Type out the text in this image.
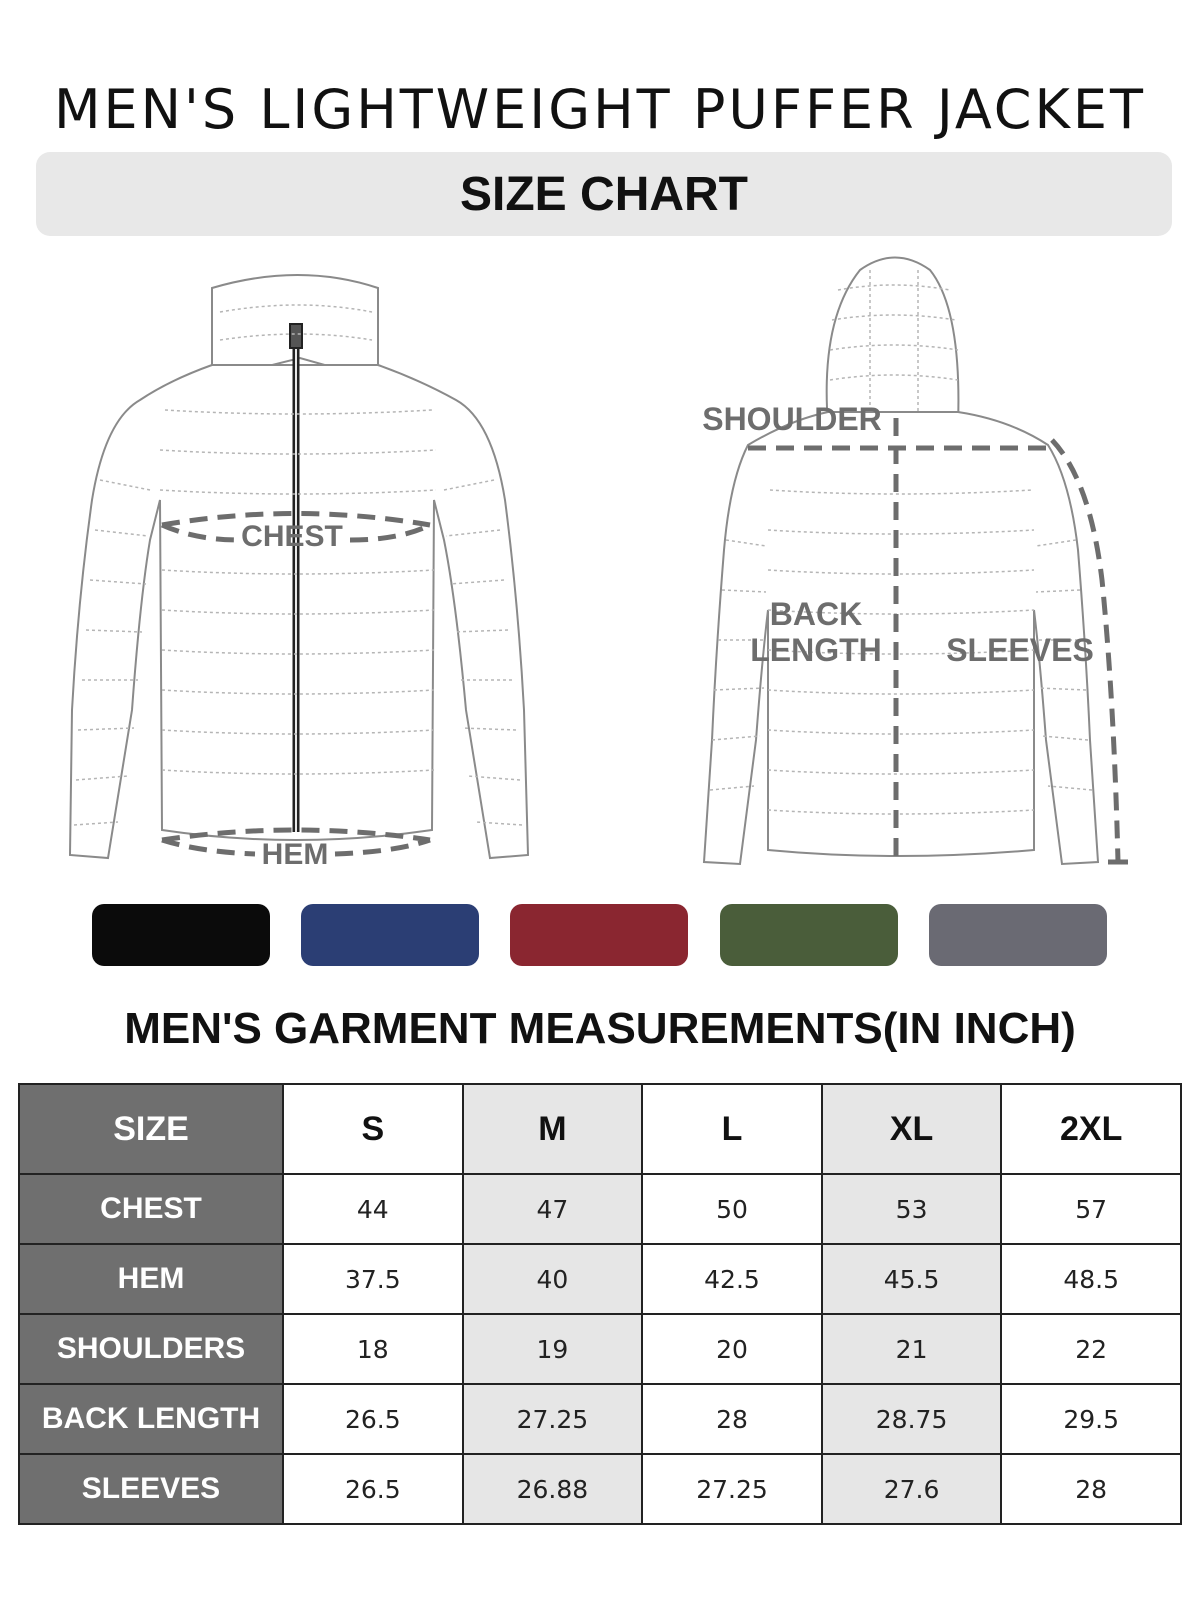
MEN'S LIGHTWEIGHT PUFFER JACKET
SIZE CHART
CHEST
HEM
SHOULDER
BACK
LENGTH SLEEVES
MEN'S GARMENT MEASUREMENTS(IN INCH)
SIZE	S	M	L	XL	2XL
CHEST	44	47	50	53	57
HEM	37.5	40	42.5	45.5	48.5
SHOULDERS	18	19	20	21	22
BACK LENGTH	26.5	27.25	28	28.75	29.5
SLEEVES	26.5	26.88	27.25	27.6	28
